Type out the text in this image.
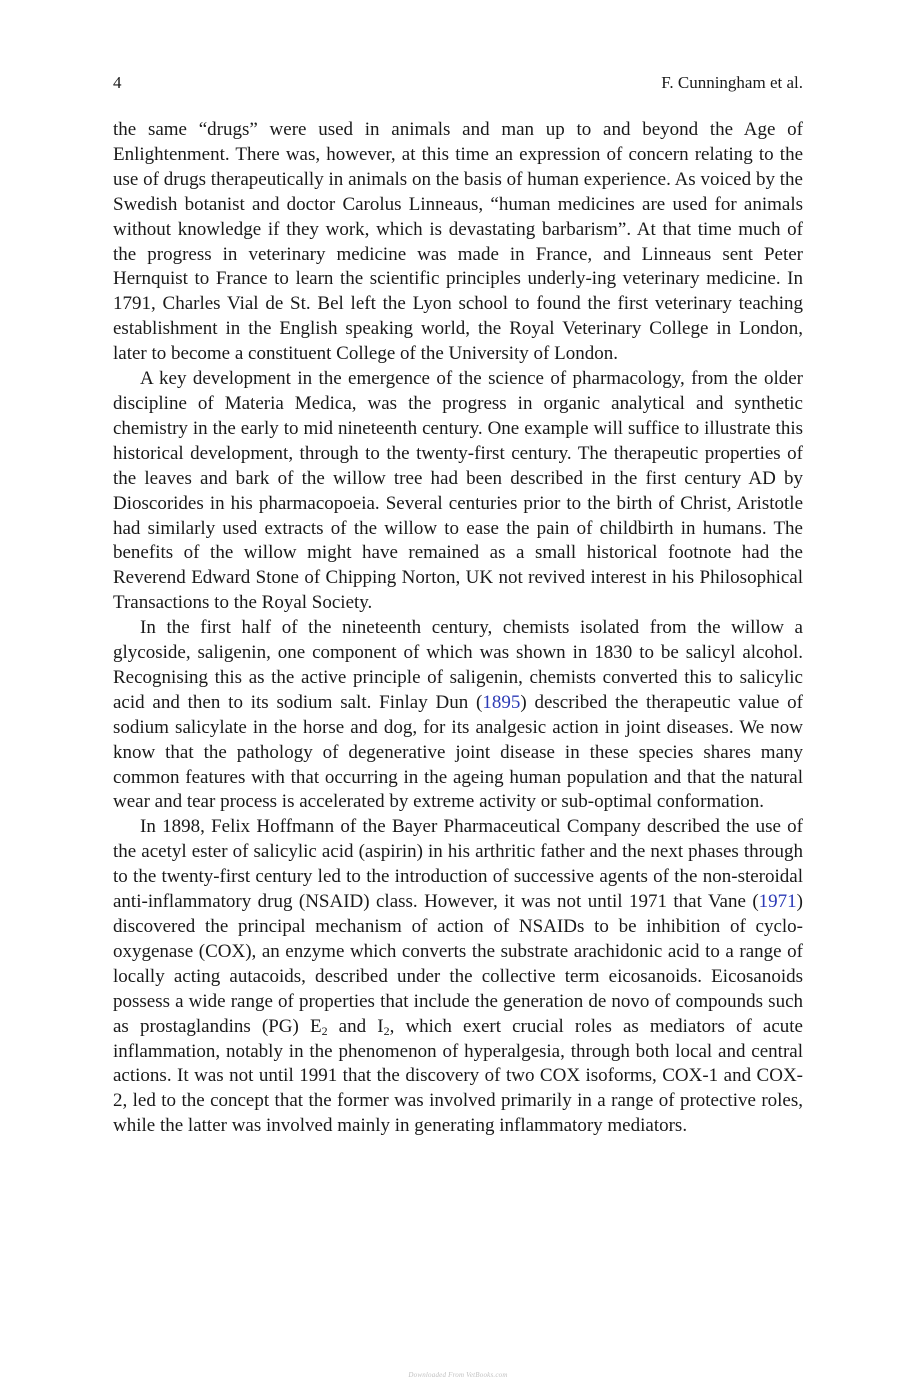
4	F. Cunningham et al.

the same “drugs” were used in animals and man up to and beyond the Age of Enlightenment. There was, however, at this time an expression of concern relating to the use of drugs therapeutically in animals on the basis of human experience. As voiced by the Swedish botanist and doctor Carolus Linneaus, “human medicines are used for animals without knowledge if they work, which is devastating barbarism”. At that time much of the progress in veterinary medicine was made in France, and Linneaus sent Peter Hernquist to France to learn the scientific principles underly-ing veterinary medicine. In 1791, Charles Vial de St. Bel left the Lyon school to found the first veterinary teaching establishment in the English speaking world, the Royal Veterinary College in London, later to become a constituent College of the University of London.

A key development in the emergence of the science of pharmacology, from the older discipline of Materia Medica, was the progress in organic analytical and synthetic chemistry in the early to mid nineteenth century. One example will suffice to illustrate this historical development, through to the twenty-first century. The therapeutic properties of the leaves and bark of the willow tree had been described in the first century AD by Dioscorides in his pharmacopoeia. Several centuries prior to the birth of Christ, Aristotle had similarly used extracts of the willow to ease the pain of childbirth in humans. The benefits of the willow might have remained as a small historical footnote had the Reverend Edward Stone of Chipping Norton, UK not revived interest in his Philosophical Transactions to the Royal Society.

In the first half of the nineteenth century, chemists isolated from the willow a glycoside, saligenin, one component of which was shown in 1830 to be salicyl alcohol. Recognising this as the active principle of saligenin, chemists converted this to salicylic acid and then to its sodium salt. Finlay Dun (1895) described the therapeutic value of sodium salicylate in the horse and dog, for its analgesic action in joint diseases. We now know that the pathology of degenerative joint disease in these species shares many common features with that occurring in the ageing human population and that the natural wear and tear process is accelerated by extreme activity or sub-optimal conformation.

In 1898, Felix Hoffmann of the Bayer Pharmaceutical Company described the use of the acetyl ester of salicylic acid (aspirin) in his arthritic father and the next phases through to the twenty-first century led to the introduction of successive agents of the non-steroidal anti-inflammatory drug (NSAID) class. However, it was not until 1971 that Vane (1971) discovered the principal mechanism of action of NSAIDs to be inhibition of cyclo-oxygenase (COX), an enzyme which converts the substrate arachidonic acid to a range of locally acting autacoids, described under the collective term eicosanoids. Eicosanoids possess a wide range of properties that include the generation de novo of compounds such as prostaglandins (PG) $E_2$ and $I_2$, which exert crucial roles as mediators of acute inflammation, notably in the phenomenon of hyperalgesia, through both local and central actions. It was not until 1991 that the discovery of two COX isoforms, COX-1 and COX-2, led to the concept that the former was involved primarily in a range of protective roles, while the latter was involved mainly in generating inflammatory mediators.

Downloaded From VetBooks.com
